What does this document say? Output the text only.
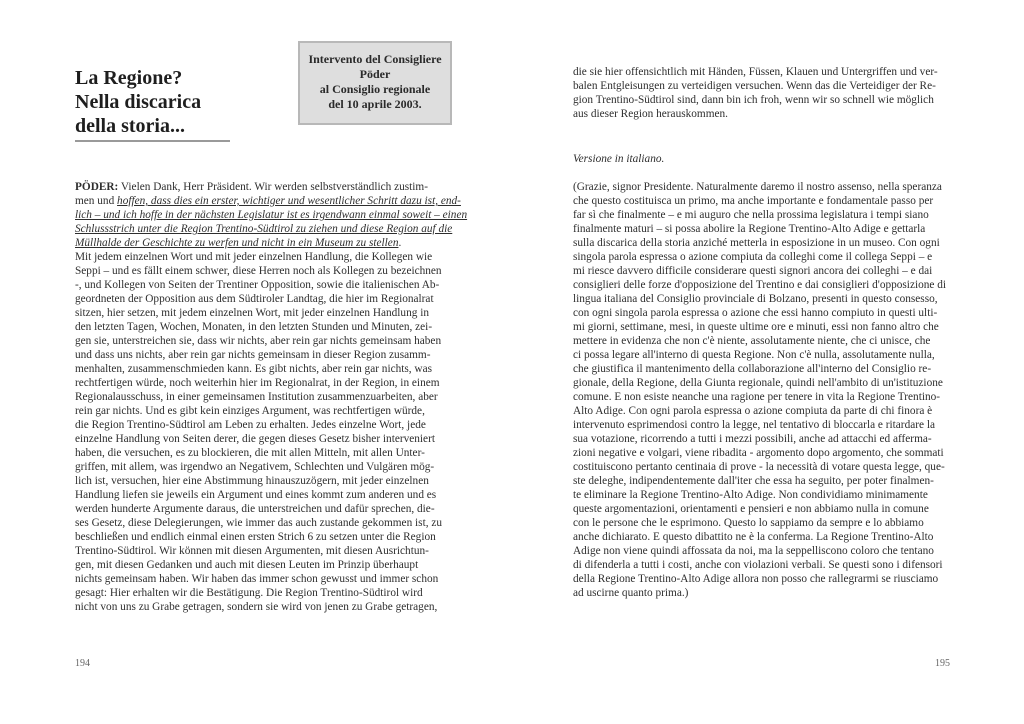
La Regione?
Nella discarica
della storia...
Intervento del Consigliere
Pöder
al Consiglio regionale
del 10 aprile 2003.
PÖDER: Vielen Dank, Herr Präsident. Wir werden selbstverständlich zustim-
men und hoffen, dass dies ein erster, wichtiger und wesentlicher Schritt dazu ist, end-
lich – und ich hoffe in der nächsten Legislatur ist es irgendwann einmal soweit – einen
Schlussstrich unter die Region Trentino-Südtirol zu ziehen und diese Region auf die
Müllhalde der Geschichte zu werfen und nicht in ein Museum zu stellen.
Mit jedem einzelnen Wort und mit jeder einzelnen Handlung, die Kollegen wie
Seppi – und es fällt einem schwer, diese Herren noch als Kollegen zu bezeichnen
-, und Kollegen von Seiten der Trentiner Opposition, sowie die italienischen Ab-
geordneten der Opposition aus dem Südtiroler Landtag, die hier im Regionalrat
sitzen, hier setzen, mit jedem einzelnen Wort, mit jeder einzelnen Handlung in
den letzten Tagen, Wochen, Monaten, in den letzten Stunden und Minuten, zei-
gen sie, unterstreichen sie, dass wir nichts, aber rein gar nichts gemeinsam haben
und dass uns nichts, aber rein gar nichts gemeinsam in dieser Region zusamm-
menhalten, zusammenschmieden kann. Es gibt nichts, aber rein gar nichts, was
rechtfertigen würde, noch weiterhin hier im Regionalrat, in der Region, in einem
Regionalausschuss, in einer gemeinsamen Institution zusammenzuarbeiten, aber
rein gar nichts. Und es gibt kein einziges Argument, was rechtfertigen würde,
die Region Trentino-Südtirol am Leben zu erhalten. Jedes einzelne Wort, jede
einzelne Handlung von Seiten derer, die gegen dieses Gesetz bisher interveniert
haben, die versuchen, es zu blockieren, die mit allen Mitteln, mit allen Unter-
griffen, mit allem, was irgendwo an Negativem, Schlechten und Vulgären mög-
lich ist, versuchen, hier eine Abstimmung hinauszuzögern, mit jeder einzelnen
Handlung liefen sie jeweils ein Argument und eines kommt zum anderen und es
werden hunderte Argumente daraus, die unterstreichen und dafür sprechen, die-
ses Gesetz, diese Delegierungen, wie immer das auch zustande gekommen ist, zu
beschließen und endlich einmal einen ersten Strich 6 zu setzen unter die Region
Trentino-Südtirol. Wir können mit diesen Argumenten, mit diesen Ausrichtun-
gen, mit diesen Gedanken und auch mit diesen Leuten im Prinzip überhaupt
nichts gemeinsam haben. Wir haben das immer schon gewusst und immer schon
gesagt: Hier erhalten wir die Bestätigung. Die Region Trentino-Südtirol wird
nicht von uns zu Grabe getragen, sondern sie wird von jenen zu Grabe getragen,
194
die sie hier offensichtlich mit Händen, Füssen, Klauen und Untergriffen und ver-
balen Entgleisungen zu verteidigen versuchen. Wenn das die Verteidiger der Re-
gion Trentino-Südtirol sind, dann bin ich froh, wenn wir so schnell wie möglich
aus dieser Region herauskommen.
Versione in italiano.
(Grazie, signor Presidente. Naturalmente daremo il nostro assenso, nella speranza
che questo costituisca un primo, ma anche importante e fondamentale passo per
far sì che finalmente – e mi auguro che nella prossima legislatura i tempi siano
finalmente maturi – si possa abolire la Regione Trentino-Alto Adige e gettarla
sulla discarica della storia anziché metterla in esposizione in un museo. Con ogni
singola parola espressa o azione compiuta da colleghi come il collega Seppi – e
mi riesce davvero difficile considerare questi signori ancora dei colleghi – e dai
consiglieri delle forze d'opposizione del Trentino e dai consiglieri d'opposizione di
lingua italiana del Consiglio provinciale di Bolzano, presenti in questo consesso,
con ogni singola parola espressa o azione che essi hanno compiuto in questi ulti-
mi giorni, settimane, mesi, in queste ultime ore e minuti, essi non fanno altro che
mettere in evidenza che non c'è niente, assolutamente niente, che ci unisce, che
ci possa legare all'interno di questa Regione. Non c'è nulla, assolutamente nulla,
che giustifica il mantenimento della collaborazione all'interno del Consiglio re-
gionale, della Regione, della Giunta regionale, quindi nell'ambito di un'istituzione
comune. E non esiste neanche una ragione per tenere in vita la Regione Trentino-
Alto Adige. Con ogni parola espressa o azione compiuta da parte di chi finora è
intervenuto esprimendosi contro la legge, nel tentativo di bloccarla e ritardare la
sua votazione, ricorrendo a tutti i mezzi possibili, anche ad attacchi ed afferma-
zioni negative e volgari, viene ribadita - argomento dopo argomento, che sommati
costituiscono pertanto centinaia di prove - la necessità di votare questa legge, que-
ste deleghe, indipendentemente dall'iter che essa ha seguito, per poter finalmen-
te eliminare la Regione Trentino-Alto Adige. Non condividiamo minimamente
queste argomentazioni, orientamenti e pensieri e non abbiamo nulla in comune
con le persone che le esprimono. Questo lo sappiamo da sempre e lo abbiamo
anche dichiarato. E questo dibattito ne è la conferma. La Regione Trentino-Alto
Adige non viene quindi affossata da noi, ma la seppelliscono coloro che tentano
di difenderla a tutti i costi, anche con violazioni verbali. Se questi sono i difensori
della Regione Trentino-Alto Adige allora non posso che rallegrarmi se riusciamo
ad uscirne quanto prima.)
195
